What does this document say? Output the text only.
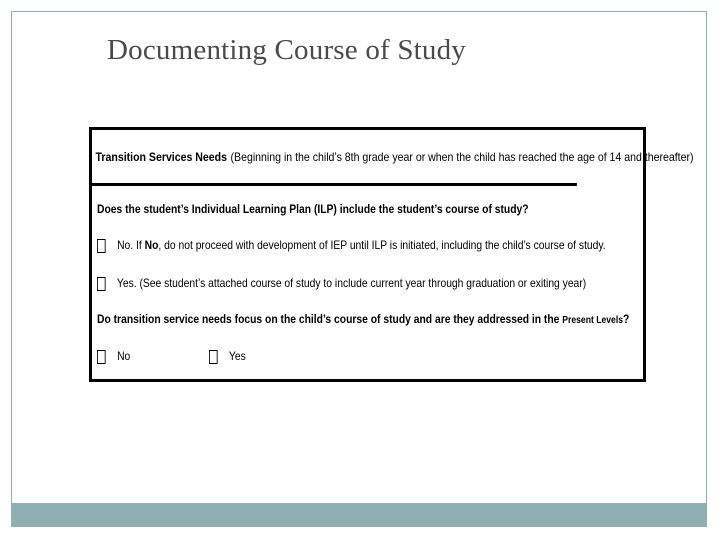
Documenting Course of Study
Transition Services Needs (Beginning in the child’s 8th grade year or when the child has reached the age of 14 and thereafter)
Does the student’s Individual Learning Plan (ILP) include the student’s course of study?
No. If No, do not proceed with development of IEP until ILP is initiated, including the child’s course of study.
Yes. (See student’s attached course of study to include current year through graduation or exiting year)
Do transition service needs focus on the child’s course of study and are they addressed in the Present Levels?
No	Yes
